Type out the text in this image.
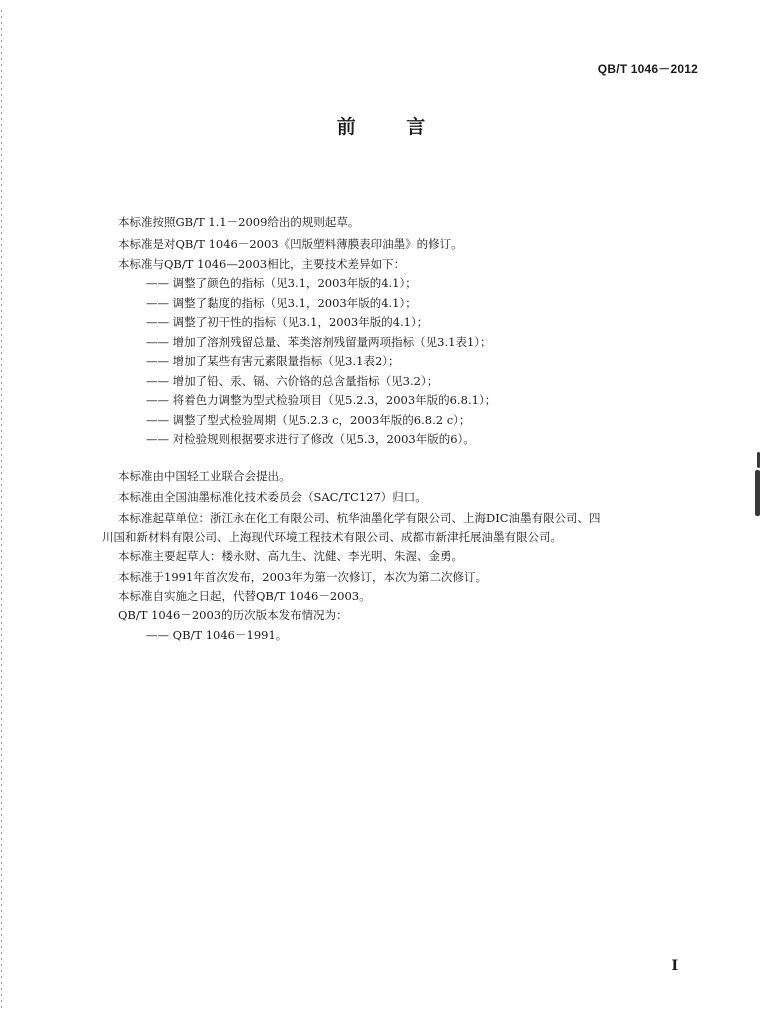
QB/T 1046－2012
前 言
本标准按照GB/T 1.1－2009给出的规则起草。
本标准是对QB/T 1046－2003《凹版塑料薄膜表印油墨》的修订。
本标准与QB/T 1046—2003相比，主要技术差异如下：
—— 调整了颜色的指标（见3.1，2003年版的4.1）；
—— 调整了黏度的指标（见3.1，2003年版的4.1）；
—— 调整了初干性的指标（见3.1，2003年版的4.1）；
—— 增加了溶剂残留总量、苯类溶剂残留量两项指标（见3.1表1）；
—— 增加了某些有害元素限量指标（见3.1表2）；
—— 增加了铅、汞、镉、六价铬的总含量指标（见3.2）；
—— 将着色力调整为型式检验项目（见5.2.3，2003年版的6.8.1）；
—— 调整了型式检验周期（见5.2.3 c，2003年版的6.8.2 c）；
—— 对检验规则根据要求进行了修改（见5.3，2003年版的6）。
本标准由中国轻工业联合会提出。
本标准由全国油墨标准化技术委员会（SAC/TC127）归口。
本标准起草单位：浙江永在化工有限公司、杭华油墨化学有限公司、上海DIC油墨有限公司、四
川国和新材料有限公司、上海现代环境工程技术有限公司、成都市新津托展油墨有限公司。
本标准主要起草人：楼永财、高九生、沈健、李光明、朱渥、金勇。
本标准于1991年首次发布，2003年为第一次修订，本次为第二次修订。
本标准自实施之日起，代替QB/T 1046－2003。
QB/T 1046－2003的历次版本发布情况为：
—— QB/T 1046－1991。
I
